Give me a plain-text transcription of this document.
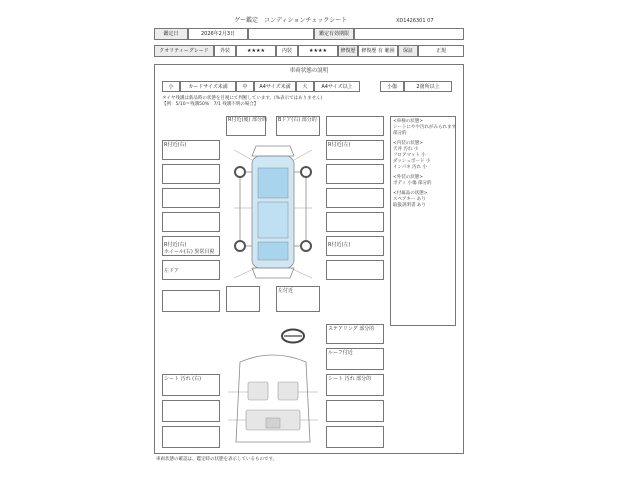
グー鑑定　コンディションチェックシート	XD1426301 07
鑑定日	2026年2月3日	鑑定有効期限
クオリティーグレード	外装	★★★★	内装	★★★★	修復歴	修復歴 有 範囲	保証	正規
車両状態の説明
小	カードサイズ未満	中	A4サイズ未満	大	A4サイズ以上	小傷	2箇所以上
タイヤ残溝は新品時の状態を目視にて判断しています。(%表示ではありません)
【例：5/10＝残溝50%　7/1 残溝不明の場合】
R付近(右)
R付近(右)
ホイール(右) 異常目視
左ドア
R付近(後) 部分的 Bドア(右) 部分的
R付近(左)
R付近(左)
左付近
<車検の状態>
シートにやや汚れがみられます
部分的
<内装の状態>
天井 汚れ 小
フロアマット 小
ダッシュボード 小
インパネ 汚れ 小
<外装の状態>
ボディ 小傷 部分的
<付属品の状態>
スペアキー あり
取扱説明書 あり
ステアリング 部分的
ルーフ付近
シート 汚れ 部分的
シート 汚れ (右)
車両状態の確認は、鑑定時の状態を表示しているものです。
